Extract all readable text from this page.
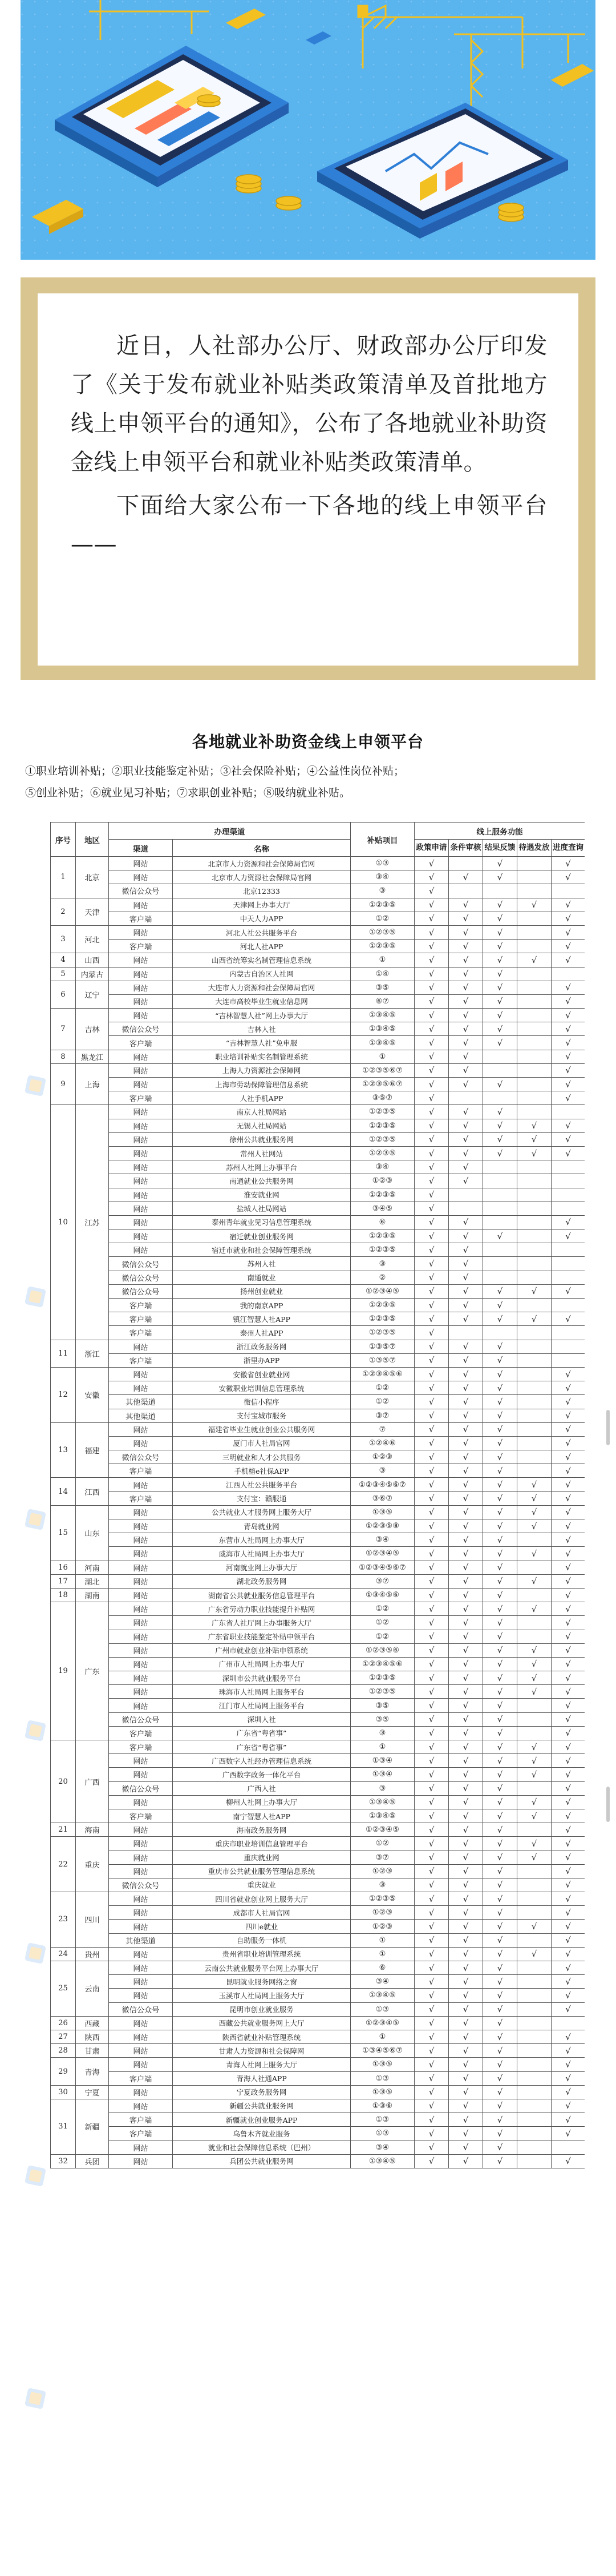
近日，人社部办公厅、财政部办公厅印发了《关于发布就业补贴类政策清单及首批地方线上申领平台的通知》，公布了各地就业补助资金线上申领平台和就业补贴类政策清单。

下面给大家公布一下各地的线上申领平台——

各地就业补助资金线上申领平台
①职业培训补贴；②职业技能鉴定补贴；③社会保险补贴；④公益性岗位补贴；
⑤创业补贴；⑥就业见习补贴；⑦求职创业补贴；⑧吸纳就业补贴。
序号	地区	办理渠道		补贴项目	线上服务功能				
		渠道	名称		政策申请	条件审核	结果反馈	待遇发放	进度查询
1	北京	网站	北京市人力资源和社会保障局官网	①③	√		√		√
		网站	北京市人力资源社会保障局官网	③④	√	√	√		√
		微信公众号	北京12333	③	√				
2	天津	网站	天津网上办事大厅	①②③⑤	√	√	√	√	√
		客户端	中天人力APP	①②	√	√	√		√
3	河北	网站	河北人社公共服务平台	①②③⑤	√	√	√		√
		客户端	河北人社APP	①②③⑤	√	√	√		√
4	山西	网站	山西省统筹实名制管理信息系统	①	√	√	√	√	√
5	内蒙古	网站	内蒙古自治区人社网	①④	√	√	√		
6	辽宁	网站	大连市人力资源和社会保障局官网	③⑤	√	√	√		√
		网站	大连市高校毕业生就业信息网	⑥⑦	√	√	√		√
7	吉林	网站	“吉林智慧人社”网上办事大厅	①③④⑤	√	√	√		√
		微信公众号	吉林人社	①③④⑤	√	√	√		√
		客户端	“吉林智慧人社”免申服	①③④⑤	√	√	√		√
8	黑龙江	网站	职业培训补贴实名制管理系统	①	√	√			√
9	上海	网站	上海人力资源社会保障网	①②③⑤⑥⑦	√	√			√
		网站	上海市劳动保障管理信息系统	①②③⑤⑥⑦	√	√	√		√
		客户端	人社手机APP	③⑤⑦	√				√
10	江苏	网站	南京人社局网站	①②③⑤	√	√	√		
		网站	无锡人社局网站	①②③⑤	√	√	√	√	√
		网站	徐州公共就业服务网	①②③⑤	√	√	√	√	√
		网站	常州人社网站	①②③⑤	√	√	√	√	√
		网站	苏州人社网上办事平台	③④	√	√			
		网站	南通就业公共服务网	①②③	√	√			
		网站	淮安就业网	①②③⑤	√				
		网站	盐城人社局网站	③④⑤	√				
		网站	泰州青年就业见习信息管理系统	⑥	√	√			√
		网站	宿迁就业创业服务网	①②③⑤	√	√	√		√
		网站	宿迁市就业和社会保障管理系统	①②③⑤	√	√			
		微信公众号	苏州人社	③	√	√			
		微信公众号	南通就业	②	√	√			
		微信公众号	扬州创业就业	①②③④⑤	√	√	√	√	√
		客户端	我的南京APP	①②③⑤	√	√	√		
		客户端	镇江智慧人社APP	①②③⑤	√	√	√	√	√
		客户端	泰州人社APP	①②③⑤	√				
11	浙江	网站	浙江政务服务网	①③⑤⑦	√	√	√		
		客户端	浙里办APP	①③⑤⑦	√	√	√		
12	安徽	网站	安徽省创业就业网	①②③④⑤⑥	√	√	√		√
		网站	安徽职业培训信息管理系统	①②	√	√	√		√
		其他渠道	微信小程序	①②	√	√	√		√
		其他渠道	支付宝城市服务	③⑦	√	√	√		√
13	福建	网站	福建省毕业生就业创业公共服务网	⑦	√	√	√		√
		网站	厦门市人社局官网	①②④⑥	√	√	√		√
		微信公众号	三明就业和人才公共服务	①②③	√	√	√		√
		客户端	手机榕e社保APP	③	√	√	√		√
14	江西	网站	江西人社公共服务平台	①②③④⑤⑥⑦	√	√	√	√	√
		客户端	支付宝：赣服通	③⑥⑦	√	√	√	√	√
15	山东	网站	公共就业人才服务网上服务大厅	①③⑤	√	√	√	√	√
		网站	青岛就业网	①②③⑤⑧	√	√	√	√	√
		网站	东营市人社局网上办事大厅	③④	√	√	√		√
		网站	威海市人社局网上办事大厅	①②③④⑤	√	√	√	√	√
16	河南	网站	河南就业网上办事大厅	①②③④⑤⑥⑦	√	√	√		√
17	湖北	网站	湖北政务服务网	③⑦	√	√	√	√	√
18	湖南	网站	湖南省公共就业服务信息管理平台	①③④⑤⑥	√	√	√		√
19	广东	网站	广东省劳动力职业技能提升补贴网	①②	√	√	√	√	√
		网站	广东省人社厅网上办事服务大厅	①②	√	√	√		√
		网站	广东省职业技能鉴定补贴申领平台	①②	√	√	√		√
		网站	广州市就业创业补贴申领系统	①②③⑤⑥	√	√	√	√	√
		网站	广州市人社局网上办事大厅	①②③④⑤⑥	√	√	√	√	√
		网站	深圳市公共就业服务平台	①②③⑤	√	√	√	√	√
		网站	珠海市人社局网上服务平台	①②③⑤	√	√	√	√	√
		网站	江门市人社局网上服务平台	③⑤	√	√	√		√
		微信公众号	深圳人社	③⑤	√	√	√		√
		客户端	广东省“粤省事”	③	√	√	√		√
20	广西	客户端	广东省“粤省事”	①	√	√	√	√	√
		网站	广西数字人社经办管理信息系统	①③④	√	√	√	√	√
		网站	广西数字政务一体化平台	①③④	√	√	√	√	√
		微信公众号	广西人社	③	√	√	√		√
		网站	柳州人社网上办事大厅	①③④⑤	√	√	√	√	√
		客户端	南宁智慧人社APP	①③④⑤	√	√	√	√	√
21	海南	网站	海南政务服务网	①②③④⑤	√	√	√		√
22	重庆	网站	重庆市职业培训信息管理平台	①②	√	√	√	√	√
		网站	重庆就业网	③⑦	√	√	√	√	√
		网站	重庆市公共就业服务管理信息系统	①②③	√	√	√		√
		微信公众号	重庆就业	③	√	√	√		√
23	四川	网站	四川省就业创业网上服务大厅	①②③⑤	√	√	√		√
		网站	成都市人社局官网	①②③	√	√	√		√
		网站	四川e就业	①②③	√	√	√	√	√
		其他渠道	自助服务一体机	①	√	√	√		√
24	贵州	网站	贵州省职业培训管理系统	①	√	√	√	√	√
25	云南	网站	云南公共就业服务平台网上办事大厅	⑥	√	√	√		√
		网站	昆明就业服务网络之窗	③④	√	√	√		√
		网站	玉溪市人社局网上服务大厅	①③④⑤	√	√	√		√
		微信公众号	昆明市创业就业服务	①③	√	√	√		√
26	西藏	网站	西藏公共就业服务网上大厅	①②③④⑤	√	√	√		
27	陕西	网站	陕西省就业补贴管理系统	①	√	√	√		√
28	甘肃	网站	甘肃人力资源和社会保障网	①③④⑤⑥⑦	√	√	√		√
29	青海	网站	青海人社网上服务大厅	①③⑤	√	√	√		√
		客户端	青海人社通APP	①③	√	√	√		√
30	宁夏	网站	宁夏政务服务网	①③⑤	√	√	√		√
31	新疆	网站	新疆公共就业服务网	①③⑥	√	√	√		√
		客户端	新疆就业创业服务APP	①③	√	√	√		√
		客户端	乌鲁木齐就业服务	①③	√	√	√		√
		网站	就业和社会保障信息系统（巴州）	③④	√	√	√		
32	兵团	网站	兵团公共就业服务网	①③④⑤	√	√	√		√
